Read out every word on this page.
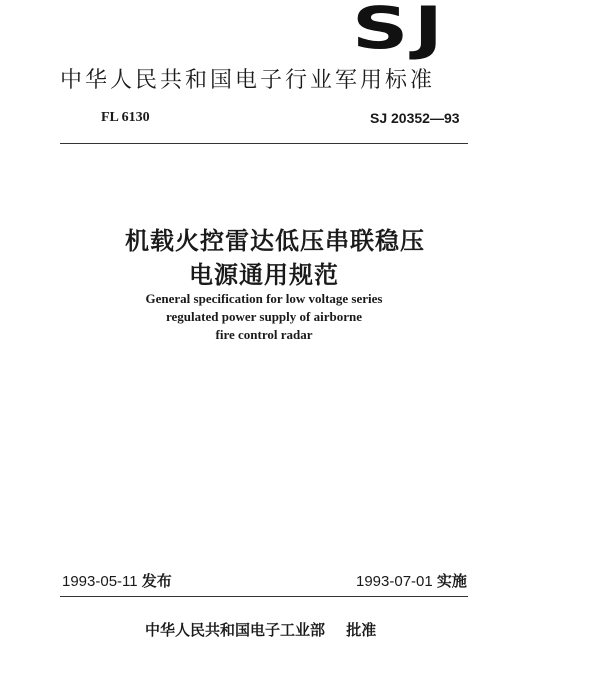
SJ
中华人民共和国电子行业军用标准
FL 6130	SJ 20352—93
机载火控雷达低压串联稳压
电源通用规范
General specification for low voltage series
regulated power supply of airborne
fire control radar
1993-05-11 发布	1993-07-01 实施
中华人民共和国电子工业部 批准
